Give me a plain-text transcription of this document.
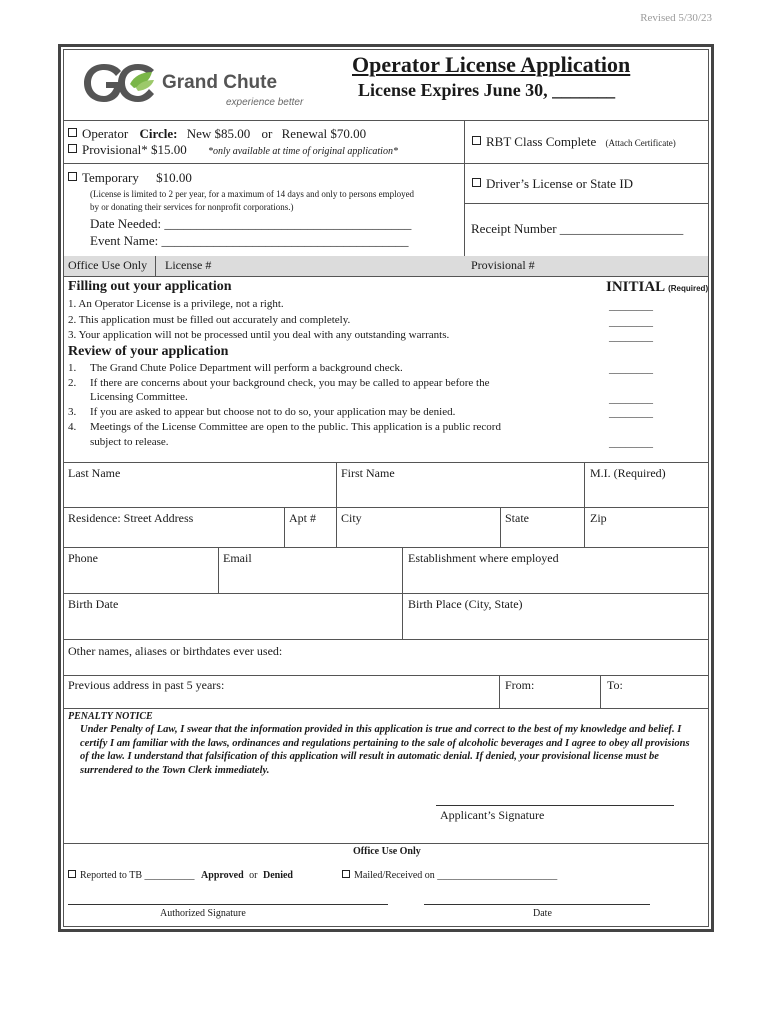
Revised 5/30/23
Grand Chute
experience better
Operator License Application
License Expires June 30, _______
Operator Circle: New $85.00 or Renewal $70.00
Provisional* $15.00 *only available at time of original application*
Temporary $10.00
(License is limited to 2 per year, for a maximum of 14 days and only to persons employed
by or donating their services for nonprofit corporations.)
Date Needed: ______________________________________
Event Name: ______________________________________
RBT Class Complete (Attach Certificate)
Driver’s License or State ID
Receipt Number ___________________
Office Use Only License #	Provisional #
Filling out your application	INITIAL (Required)
1. An Operator License is a privilege, not a right.
2. This application must be filled out accurately and completely.
3. Your application will not be processed until you deal with any outstanding warrants.
________
________
________
Review of your application
1. The Grand Chute Police Department will perform a background check.
2. If there are concerns about your background check, you may be called to appear before the
Licensing Committee.
3. If you are asked to appear but choose not to do so, your application may be denied.
4. Meetings of the License Committee are open to the public. This application is a public record
subject to release.
________
________
________
________
Last Name	First Name	M.I. (Required)
Residence: Street Address	Apt # City	State	Zip
Phone	Email	Establishment where employed
Birth Date	Birth Place (City, State)
Other names, aliases or birthdates ever used:
Previous address in past 5 years:	From:	To:
PENALTY NOTICE
Under Penalty of Law, I swear that the information provided in this application is true and correct to the best of my knowledge and belief. I certify I am familiar with the laws, ordinances and regulations pertaining to the sale of alcoholic beverages and I agree to obey all provisions of the law. I understand that falsification of this application will result in automatic denial. If denied, your provisional license must be surrendered to the Town Clerk immediately.
Applicant’s Signature
Office Use Only
Reported to TB __________ Approved or Denied	Mailed/Received on ________________________
Authorized Signature	Date
